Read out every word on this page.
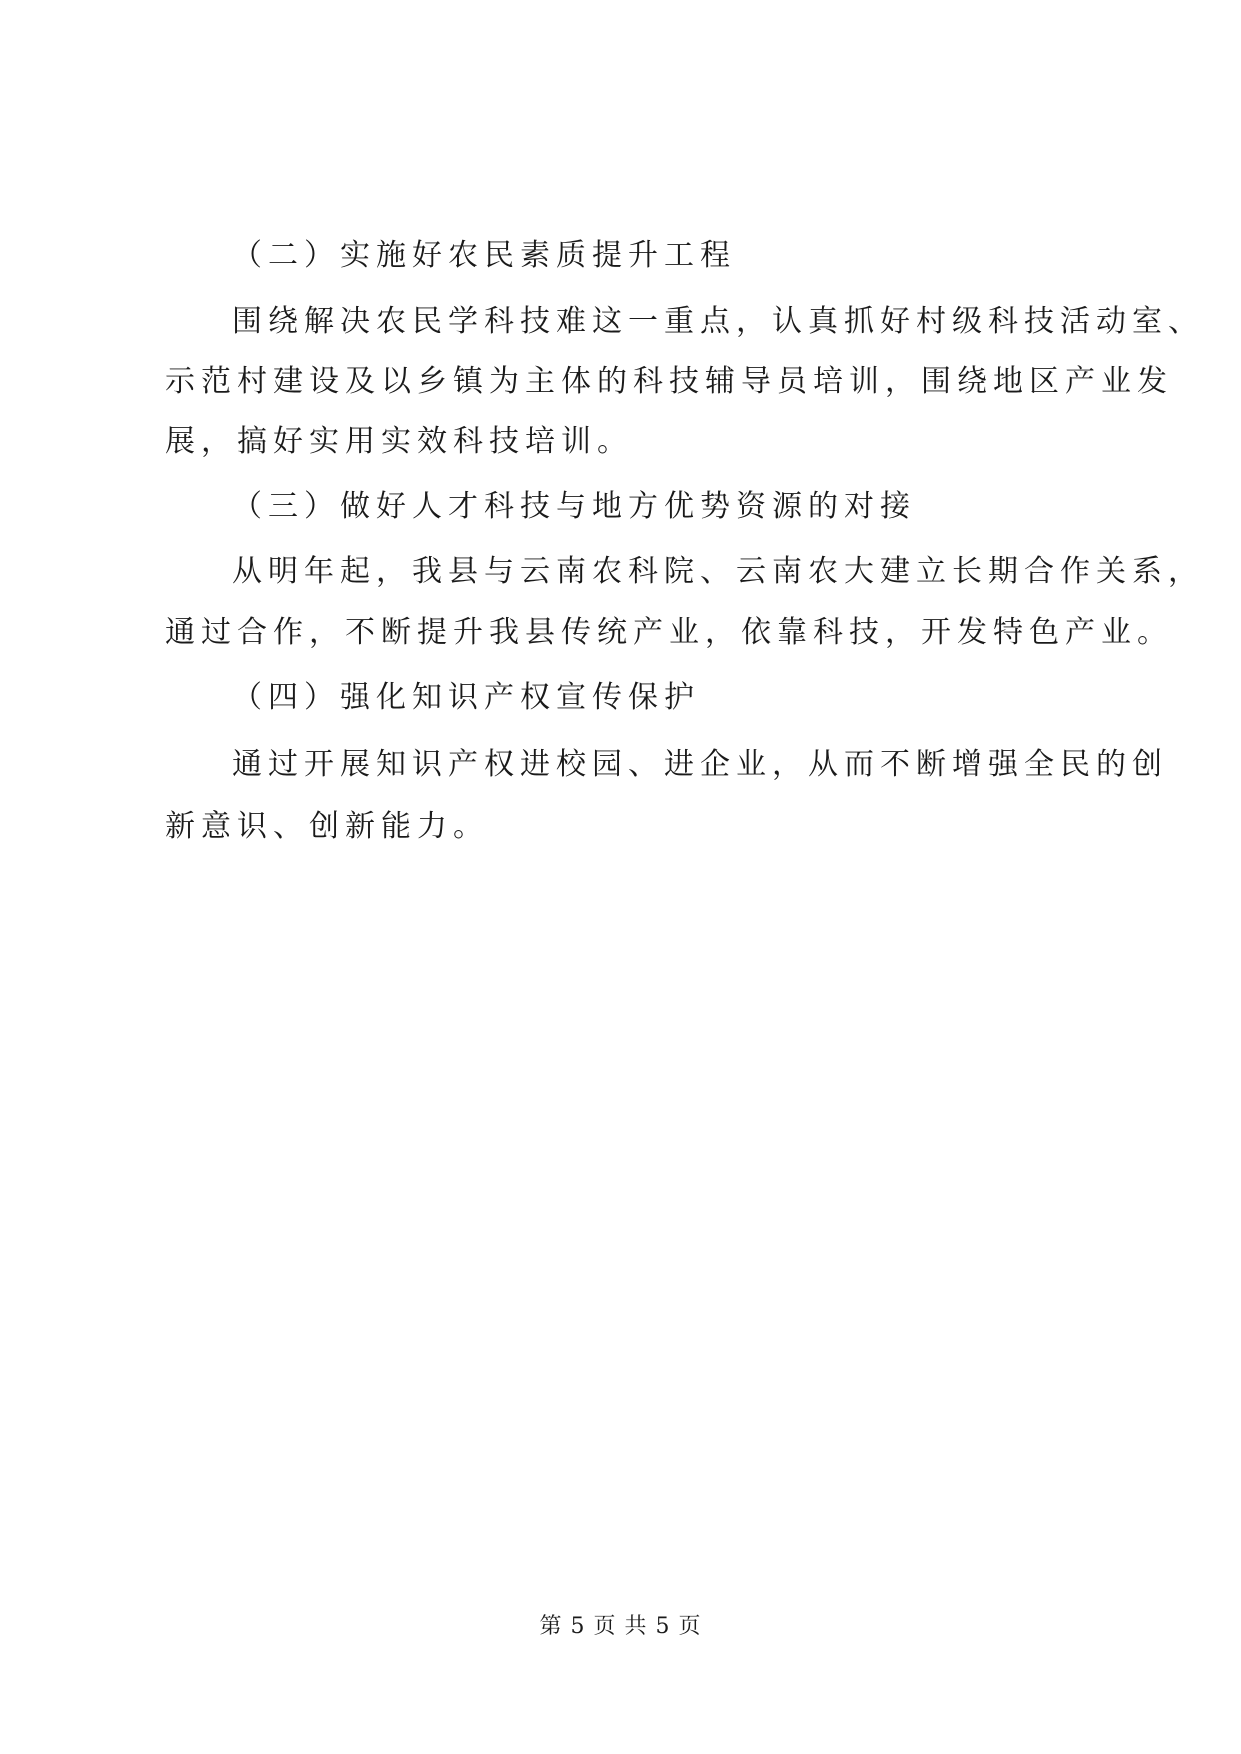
（二）实施好农民素质提升工程
围绕解决农民学科技难这一重点，认真抓好村级科技活动室、
示范村建设及以乡镇为主体的科技辅导员培训，围绕地区产业发
展，搞好实用实效科技培训。
（三）做好人才科技与地方优势资源的对接
从明年起，我县与云南农科院、云南农大建立长期合作关系，
通过合作，不断提升我县传统产业，依靠科技，开发特色产业。
（四）强化知识产权宣传保护
通过开展知识产权进校园、进企业，从而不断增强全民的创
新意识、创新能力。
第 5 页 共 5 页
